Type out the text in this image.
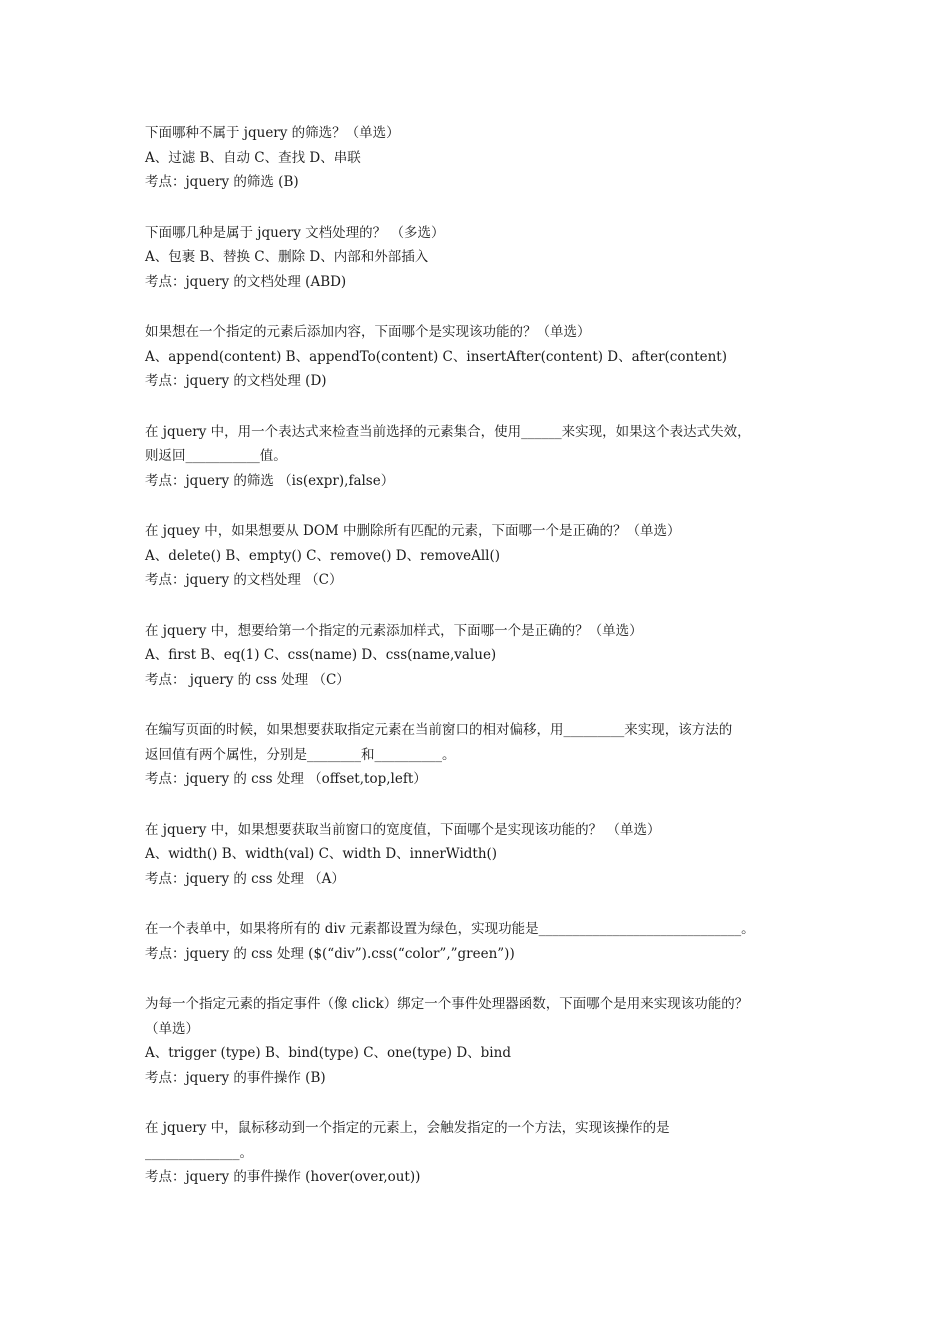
下面哪种不属于 jquery 的筛选？（单选）
A、过滤 B、自动 C、查找 D、串联
考点：jquery 的筛选 (B)
下面哪几种是属于 jquery 文档处理的？ （多选）
A、包裹 B、替换 C、删除 D、内部和外部插入
考点：jquery 的文档处理 (ABD)
如果想在一个指定的元素后添加内容，下面哪个是实现该功能的？（单选）
A、append(content) B、appendTo(content) C、insertAfter(content) D、after(content)
考点：jquery 的文档处理 (D)
在 jquery 中，用一个表达式来检查当前选择的元素集合，使用______来实现，如果这个表达式失效，
则返回___________值。
考点：jquery 的筛选 （is(expr),false）
在 jquey 中，如果想要从 DOM 中删除所有匹配的元素，下面哪一个是正确的？（单选）
A、delete() B、empty() C、remove() D、removeAll()
考点：jquery 的文档处理 （C）
在 jquery 中，想要给第一个指定的元素添加样式，下面哪一个是正确的？（单选）
A、first B、eq(1) C、css(name) D、css(name,value)
考点： jquery 的 css 处理 （C）
在编写页面的时候，如果想要获取指定元素在当前窗口的相对偏移，用_________来实现，该方法的
返回值有两个属性，分别是________和__________。
考点：jquery 的 css 处理 （offset,top,left）
在 jquery 中，如果想要获取当前窗口的宽度值，下面哪个是实现该功能的？ （单选）
A、width() B、width(val) C、width D、innerWidth()
考点：jquery 的 css 处理 （A）
在一个表单中，如果将所有的 div 元素都设置为绿色，实现功能是______________________________。
考点：jquery 的 css 处理 ($(“div”).css(“color”,”green”))
为每一个指定元素的指定事件（像 click）绑定一个事件处理器函数，下面哪个是用来实现该功能的？
（单选）
A、trigger (type) B、bind(type) C、one(type) D、bind
考点：jquery 的事件操作 (B)
在 jquery 中，鼠标移动到一个指定的元素上，会触发指定的一个方法，实现该操作的是
______________。
考点：jquery 的事件操作 (hover(over,out))
